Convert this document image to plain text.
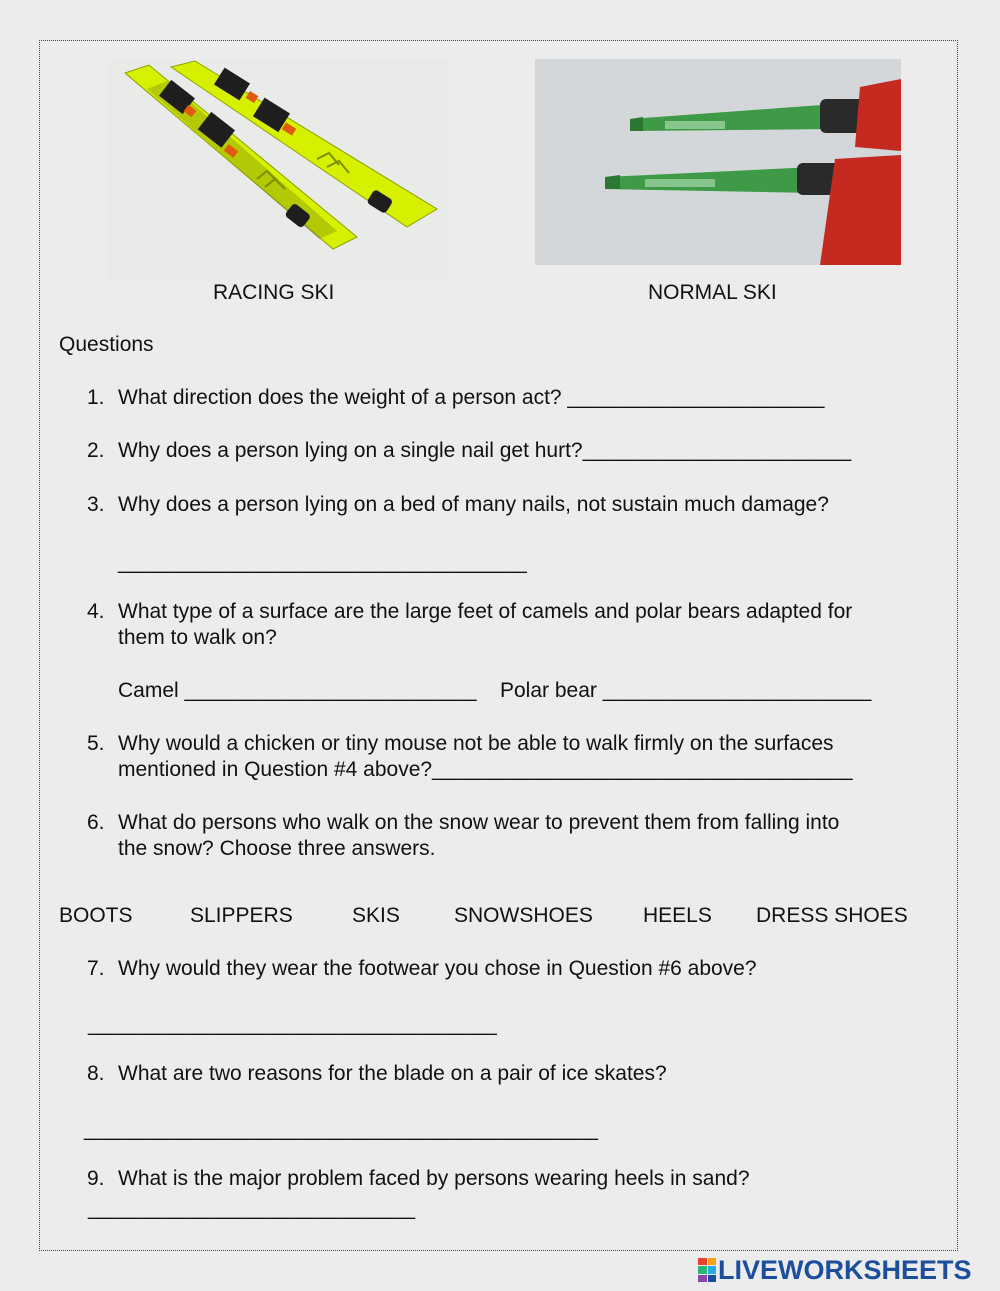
RACING SKI	NORMAL SKI
Questions
1. What direction does the weight of a person act? ______________________
2. Why does a person lying on a single nail get hurt?_______________________
3. Why does a person lying on a bed of many nails, not sustain much damage?
___________________________________
4. What type of a surface are the large feet of camels and polar bears adapted for
them to walk on?
Camel _________________________ Polar bear _______________________
5. Why would a chicken or tiny mouse not be able to walk firmly on the surfaces
mentioned in Question #4 above?____________________________________
6. What do persons who walk on the snow wear to prevent them from falling into
the snow? Choose three answers.
BOOTS	SLIPPERS	SKIS	SNOWSHOES HEELS DRESS SHOES
7. Why would they wear the footwear you chose in Question #6 above?
___________________________________
8. What are two reasons for the blade on a pair of ice skates?
____________________________________________
9. What is the major problem faced by persons wearing heels in sand?
____________________________

LIVEWORKSHEETS
